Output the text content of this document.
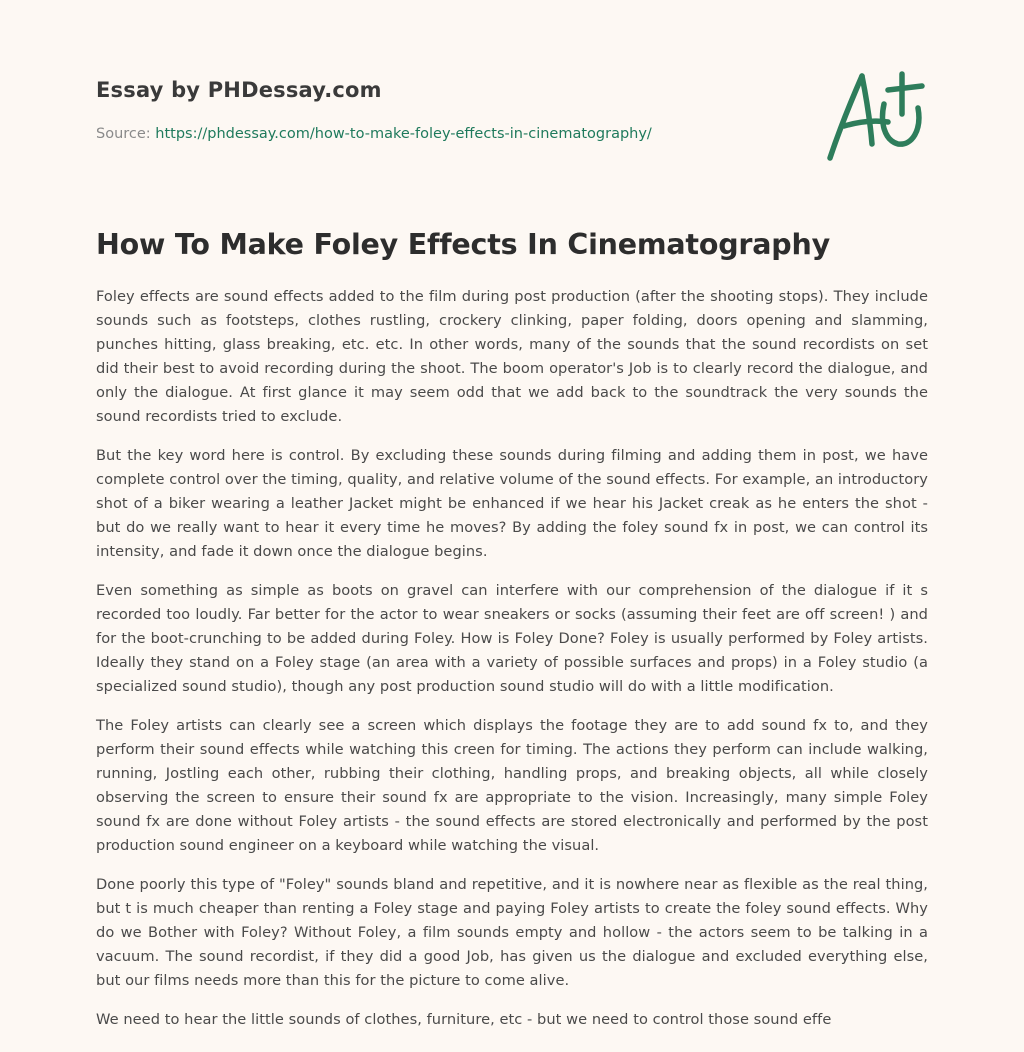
Essay by PHDessay.com
Source: https://phdessay.com/how-to-make-foley-effects-in-cinematography/
How To Make Foley Effects In Cinematography

Foley effects are sound effects added to the film during post production (after the shooting stops). They include sounds such as footsteps, clothes rustling, crockery clinking, paper folding, doors opening and slamming, punches hitting, glass breaking, etc. etc. In other words, many of the sounds that the sound recordists on set did their best to avoid recording during the shoot. The boom operator's Job is to clearly record the dialogue, and only the dialogue. At first glance it may seem odd that we add back to the soundtrack the very sounds the sound recordists tried to exclude.

But the key word here is control. By excluding these sounds during filming and adding them in post, we have complete control over the timing, quality, and relative volume of the sound effects. For example, an introductory shot of a biker wearing a leather Jacket might be enhanced if we hear his Jacket creak as he enters the shot - but do we really want to hear it every time he moves? By adding the foley sound fx in post, we can control its intensity, and fade it down once the dialogue begins.

Even something as simple as boots on gravel can interfere with our comprehension of the dialogue if it s recorded too loudly. Far better for the actor to wear sneakers or socks (assuming their feet are off screen! ) and for the boot-crunching to be added during Foley. How is Foley Done? Foley is usually performed by Foley artists. Ideally they stand on a Foley stage (an area with a variety of possible surfaces and props) in a Foley studio (a specialized sound studio), though any post production sound studio will do with a little modification.

The Foley artists can clearly see a screen which displays the footage they are to add sound fx to, and they perform their sound effects while watching this creen for timing. The actions they perform can include walking, running, Jostling each other, rubbing their clothing, handling props, and breaking objects, all while closely observing the screen to ensure their sound fx are appropriate to the vision. Increasingly, many simple Foley sound fx are done without Foley artists - the sound effects are stored electronically and performed by the post production sound engineer on a keyboard while watching the visual.

Done poorly this type of "Foley" sounds bland and repetitive, and it is nowhere near as flexible as the real thing, but t is much cheaper than renting a Foley stage and paying Foley artists to create the foley sound effects. Why do we Bother with Foley? Without Foley, a film sounds empty and hollow - the actors seem to be talking in a vacuum. The sound recordist, if they did a good Job, has given us the dialogue and excluded everything else, but our films needs more than this for the picture to come alive.

We need to hear the little sounds of clothes, furniture, etc - but we need to control those sound effe
